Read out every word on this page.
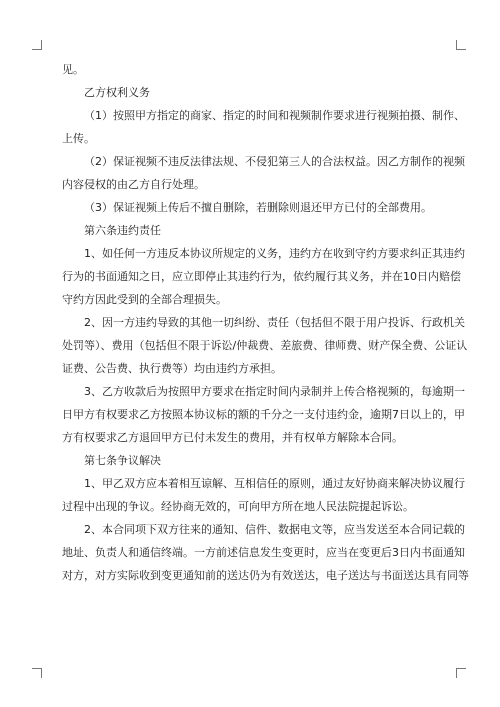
见。
乙方权利义务
（1）按照甲方指定的商家、指定的时间和视频制作要求进行视频拍摄、制作、
上传。
（2）保证视频不违反法律法规、不侵犯第三人的合法权益。因乙方制作的视频
内容侵权的由乙方自行处理。
（3）保证视频上传后不擅自删除，若删除则退还甲方已付的全部费用。
第六条违约责任
1、如任何一方违反本协议所规定的义务，违约方在收到守约方要求纠正其违约
行为的书面通知之日，应立即停止其违约行为，依约履行其义务，并在10日内赔偿
守约方因此受到的全部合理损失。
2、因一方违约导致的其他一切纠纷、责任（包括但不限于用户投诉、行政机关
处罚等）、费用（包括但不限于诉讼/仲裁费、差旅费、律师费、财产保全费、公证认
证费、公告费、执行费等）均由违约方承担。
3、乙方收款后为按照甲方要求在指定时间内录制并上传合格视频的，每逾期一
日甲方有权要求乙方按照本协议标的额的千分之一支付违约金，逾期7日以上的，甲
方有权要求乙方退回甲方已付未发生的费用，并有权单方解除本合同。
第七条争议解决
1、甲乙双方应本着相互谅解、互相信任的原则，通过友好协商来解决协议履行
过程中出现的争议。经协商无效的，可向甲方所在地人民法院提起诉讼。
2、本合同项下双方往来的通知、信件、数据电文等，应当发送至本合同记载的
地址、负责人和通信终端。一方前述信息发生变更时，应当在变更后3日内书面通知
对方，对方实际收到变更通知前的送达仍为有效送达，电子送达与书面送达具有同等
